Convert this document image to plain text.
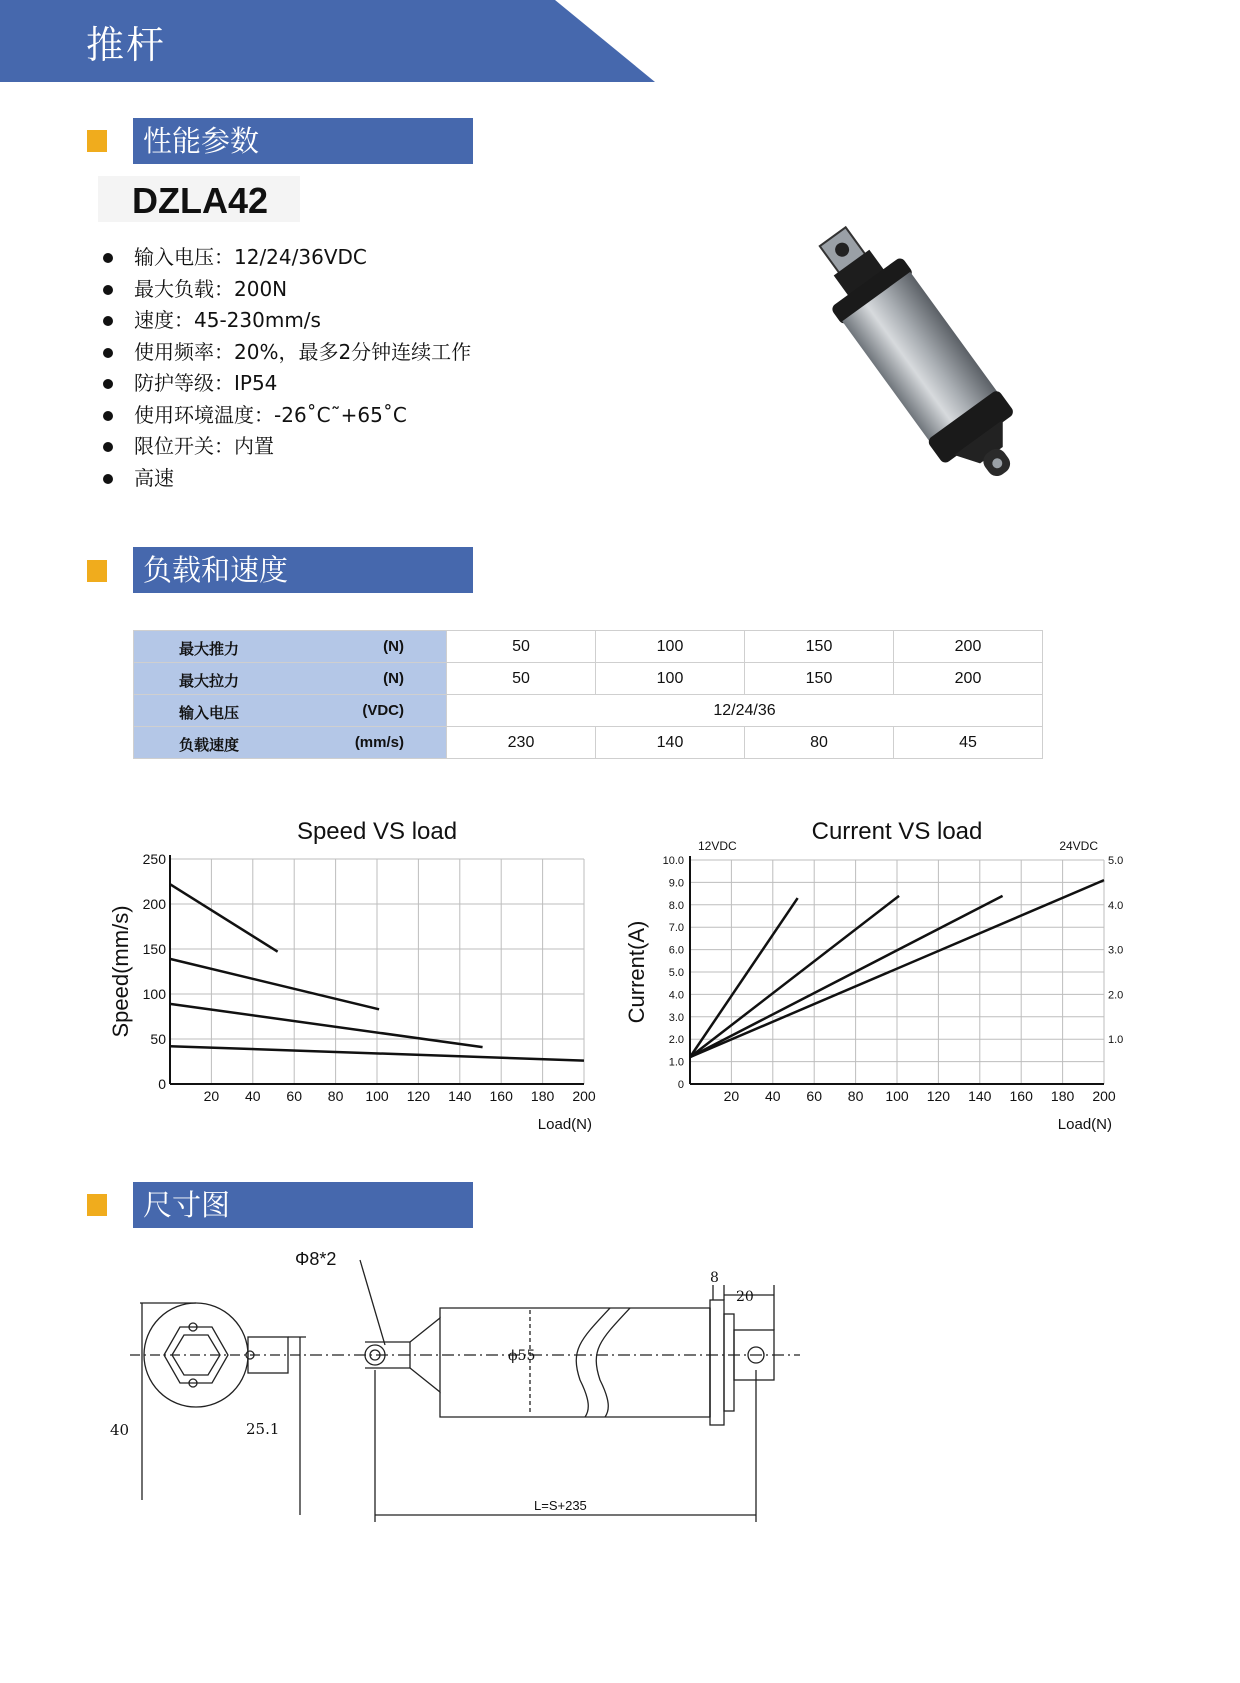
推杆
性能参数
DZLA42
输入电压：12/24/36VDC
最大负载：200N
速度：45-230mm/s
使用频率：20%，最多2分钟连续工作
防护等级：IP54
使用环境温度：-26˚C˜+65˚C
限位开关：内置
高速
负载和速度
最大推力 (N)	50	100	150	200

最大拉力 (N)	50	100	150	200

输入电压 (VDC)	12/24/36			

负载速度 (mm/s)	230	140	80	45
Speed VS load
20 40 60 80 100 120 140 160 180 200
Load(N)
Speed(mm/s)
0
50
100
150
200
250
Current VS load
20 40 60 80 100 120 140 160 180 200
Load(N)
Current(A)
0
1.0
2.0
3.0
4.0
5.0
6.0
7.0
8.0
9.0
10.0
1.0
2.0
3.0
4.0
5.0
12VDC	24VDC
尺寸图
40	25.1
Φ8*2
ϕ55
8
20
L=S+235
